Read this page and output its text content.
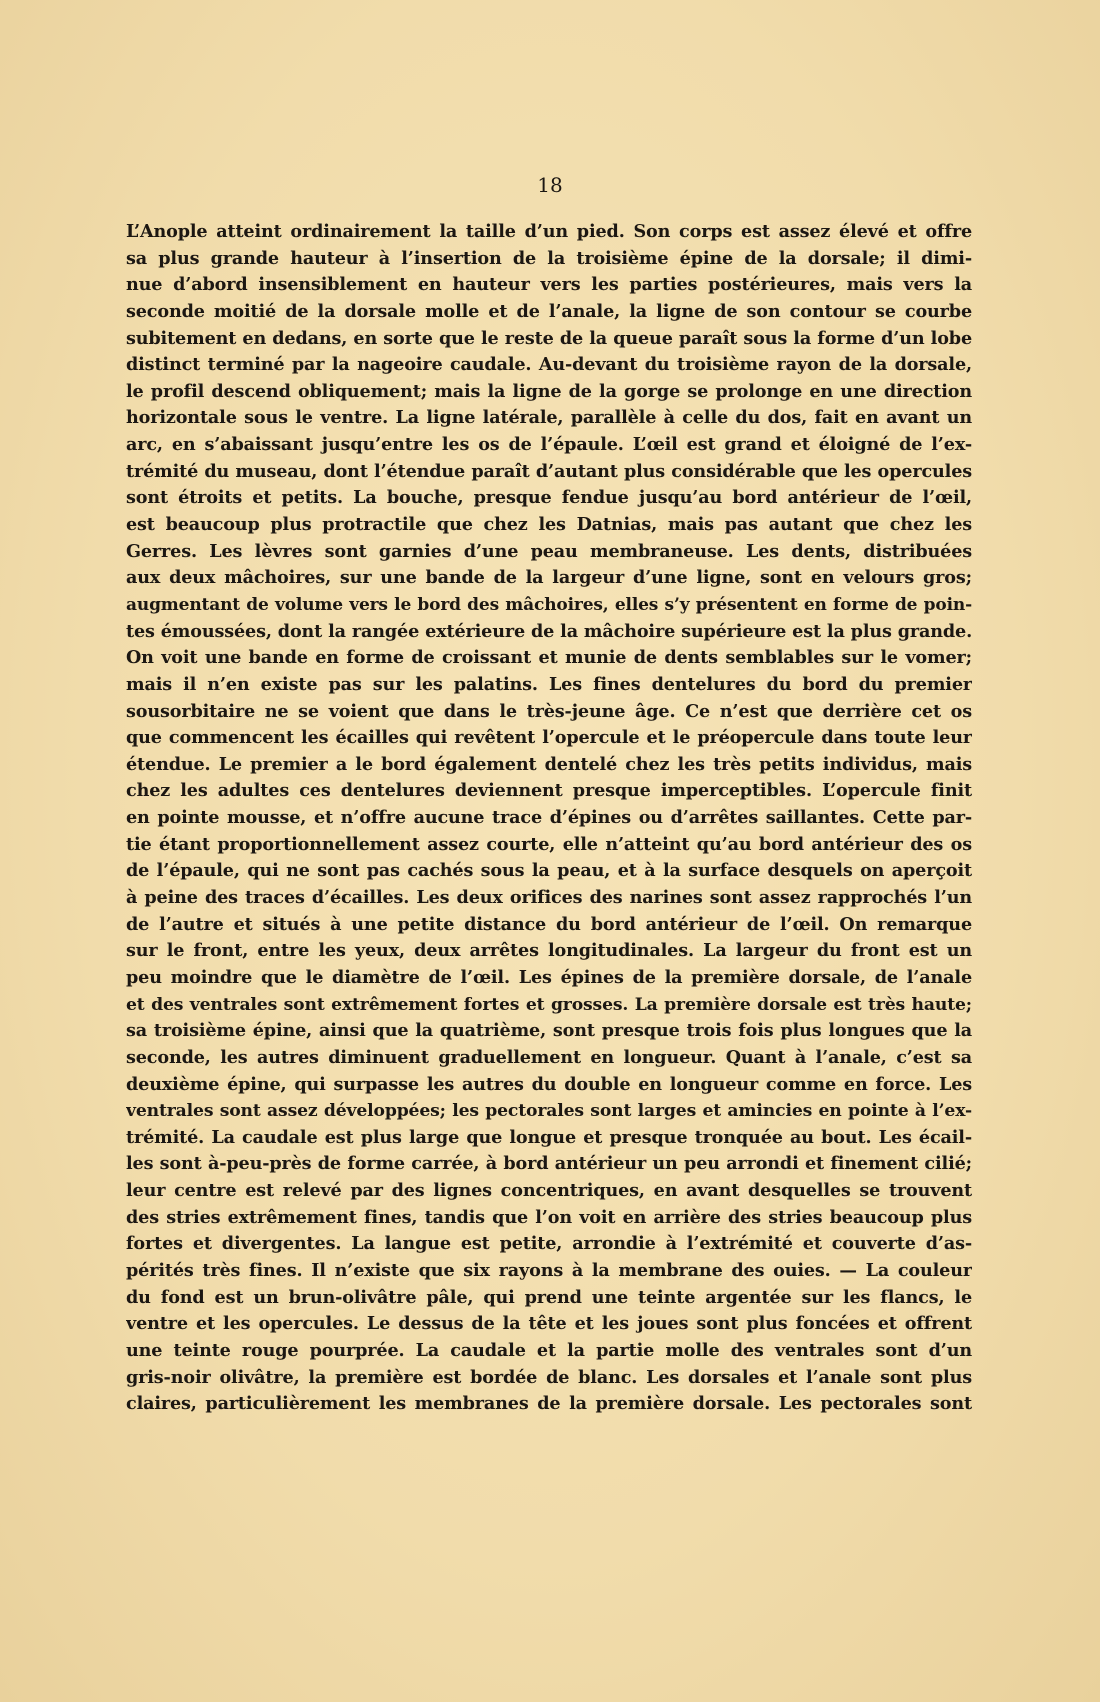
18
L’Anople atteint ordinairement la taille d’un pied. Son corps est assez élevé et offre
sa plus grande hauteur à l’insertion de la troisième épine de la dorsale; il dimi-
nue d’abord insensiblement en hauteur vers les parties postérieures, mais vers la
seconde moitié de la dorsale molle et de l’anale, la ligne de son contour se courbe
subitement en dedans, en sorte que le reste de la queue paraît sous la forme d’un lobe
distinct terminé par la nageoire caudale. Au-devant du troisième rayon de la dorsale,
le profil descend obliquement; mais la ligne de la gorge se prolonge en une direction
horizontale sous le ventre. La ligne latérale, parallèle à celle du dos, fait en avant un
arc, en s’abaissant jusqu’entre les os de l’épaule. L’œil est grand et éloigné de l’ex-
trémité du museau, dont l’étendue paraît d’autant plus considérable que les opercules
sont étroits et petits. La bouche, presque fendue jusqu’au bord antérieur de l’œil,
est beaucoup plus protractile que chez les Datnias, mais pas autant que chez les
Gerres. Les lèvres sont garnies d’une peau membraneuse. Les dents, distribuées
aux deux mâchoires, sur une bande de la largeur d’une ligne, sont en velours gros;
augmentant de volume vers le bord des mâchoires, elles s’y présentent en forme de poin-
tes émoussées, dont la rangée extérieure de la mâchoire supérieure est la plus grande.
On voit une bande en forme de croissant et munie de dents semblables sur le vomer;
mais il n’en existe pas sur les palatins. Les fines dentelures du bord du premier
sousorbitaire ne se voient que dans le très-jeune âge. Ce n’est que derrière cet os
que commencent les écailles qui revêtent l’opercule et le préopercule dans toute leur
étendue. Le premier a le bord également dentelé chez les très petits individus, mais
chez les adultes ces dentelures deviennent presque imperceptibles. L’opercule finit
en pointe mousse, et n’offre aucune trace d’épines ou d’arrêtes saillantes. Cette par-
tie étant proportionnellement assez courte, elle n’atteint qu’au bord antérieur des os
de l’épaule, qui ne sont pas cachés sous la peau, et à la surface desquels on aperçoit
à peine des traces d’écailles. Les deux orifices des narines sont assez rapprochés l’un
de l’autre et situés à une petite distance du bord antérieur de l’œil. On remarque
sur le front, entre les yeux, deux arrêtes longitudinales. La largeur du front est un
peu moindre que le diamètre de l’œil. Les épines de la première dorsale, de l’anale
et des ventrales sont extrêmement fortes et grosses. La première dorsale est très haute;
sa troisième épine, ainsi que la quatrième, sont presque trois fois plus longues que la
seconde, les autres diminuent graduellement en longueur. Quant à l’anale, c’est sa
deuxième épine, qui surpasse les autres du double en longueur comme en force. Les
ventrales sont assez développées; les pectorales sont larges et amincies en pointe à l’ex-
trémité. La caudale est plus large que longue et presque tronquée au bout. Les écail-
les sont à-peu-près de forme carrée, à bord antérieur un peu arrondi et finement cilié;
leur centre est relevé par des lignes concentriques, en avant desquelles se trouvent
des stries extrêmement fines, tandis que l’on voit en arrière des stries beaucoup plus
fortes et divergentes. La langue est petite, arrondie à l’extrémité et couverte d’as-
pérités très fines. Il n’existe que six rayons à la membrane des ouies. — La couleur
du fond est un brun-olivâtre pâle, qui prend une teinte argentée sur les flancs, le
ventre et les opercules. Le dessus de la tête et les joues sont plus foncées et offrent
une teinte rouge pourprée. La caudale et la partie molle des ventrales sont d’un
gris-noir olivâtre, la première est bordée de blanc. Les dorsales et l’anale sont plus
claires, particulièrement les membranes de la première dorsale. Les pectorales sont
